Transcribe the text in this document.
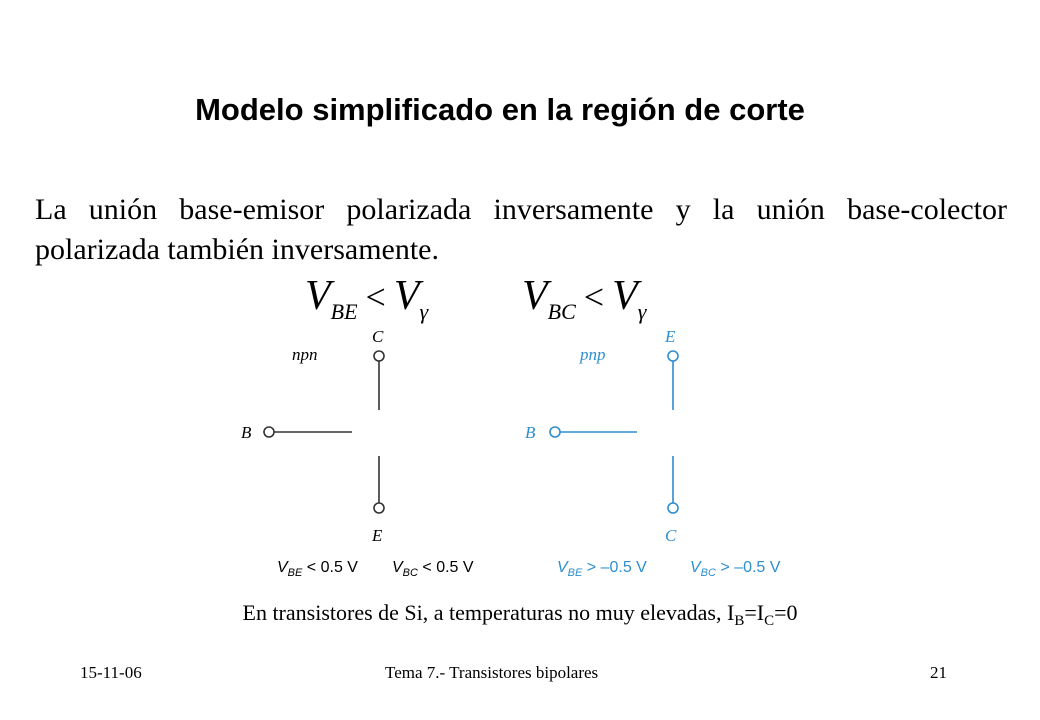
Modelo simplificado en la región de corte
La unión base-emisor polarizada inversamente y la unión base-colector polarizada también inversamente.
$V_{BE} < V_\gamma$ $V_{BC} < V_\gamma$
npn
C
B
E
pnp
E
B
C
$V_{BE} < 0.5$ V $V_{BC} < 0.5$ V	$V_{BE} > -0.5$ V	$V_{BC} > -0.5$ V
En transistores de Si, a temperaturas no muy elevadas, $I_B=I_C=0$
15-11-06	Tema 7.- Transistores bipolares	21
